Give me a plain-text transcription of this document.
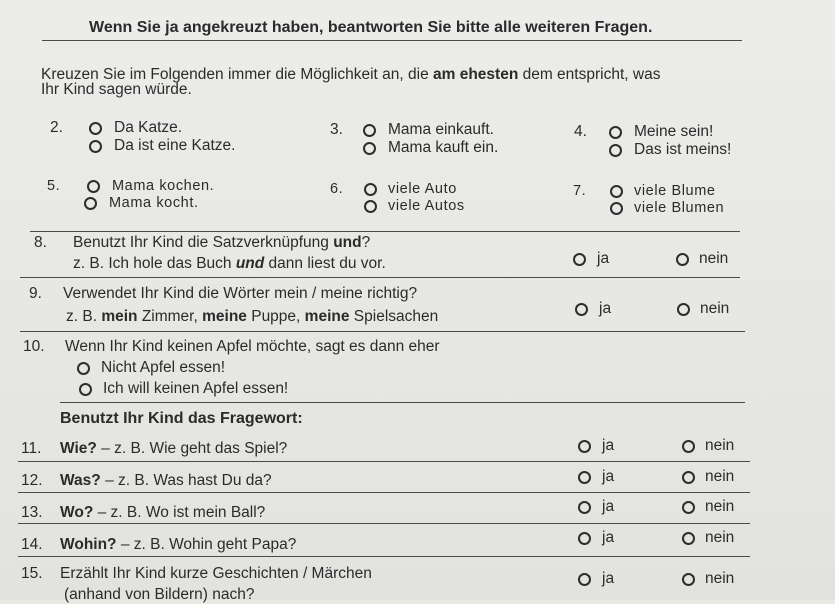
Wenn Sie ja angekreuzt haben, beantworten Sie bitte alle weiteren Fragen.
Kreuzen Sie im Folgenden immer die Möglichkeit an, die am ehesten dem entspricht, was
Ihr Kind sagen würde.
2.	Da Katze.
Da ist eine Katze.
3.	Mama einkauft.
Mama kauft ein.
4.	Meine sein!
Das ist meins!
5.	Mama kochen.
Mama kocht.
6.	viele Auto
viele Autos
7.	viele Blume
viele Blumen
8. Benutzt Ihr Kind die Satzverknüpfung und?
z. B. Ich hole das Buch und dann liest du vor.	ja	nein
9. Verwendet Ihr Kind die Wörter mein / meine richtig?
z. B. mein Zimmer, meine Puppe, meine Spielsachen	ja	nein
10. Wenn Ihr Kind keinen Apfel möchte, sagt es dann eher
Nicht Apfel essen!
Ich will keinen Apfel essen!
Benutzt Ihr Kind das Fragewort:
11. Wie? – z. B. Wie geht das Spiel?	ja	nein
12. Was? – z. B. Was hast Du da?	ja	nein
13. Wo? – z. B. Wo ist mein Ball?	ja	nein
14. Wohin? – z. B. Wohin geht Papa?	ja	nein
15. Erzählt Ihr Kind kurze Geschichten / Märchen
(anhand von Bildern) nach?
ja	nein
